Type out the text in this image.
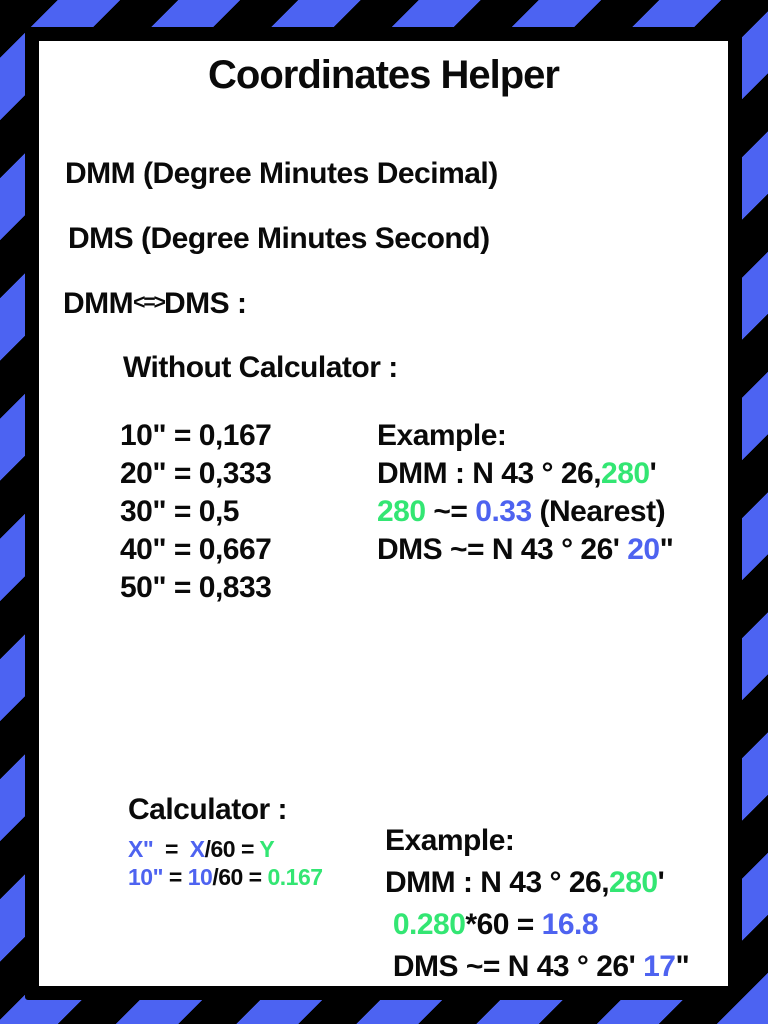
Coordinates Helper
DMM (Degree Minutes Decimal)
DMS (Degree Minutes Second)
DMM<=>DMS :
Without Calculator :
10" = 0,167
20" = 0,333
30" = 0,5
40" = 0,667
50" = 0,833
Example:
DMM : N 43 ° 26,280'
280 ~= 0.33 (Nearest)
DMS ~= N 43 ° 26' 20"
Calculator :
X"  =  X/60 = Y
10" = 10/60 = 0.167
Example:
DMM : N 43 ° 26,280'
0.280*60 = 16.8
DMS ~= N 43 ° 26' 17"
